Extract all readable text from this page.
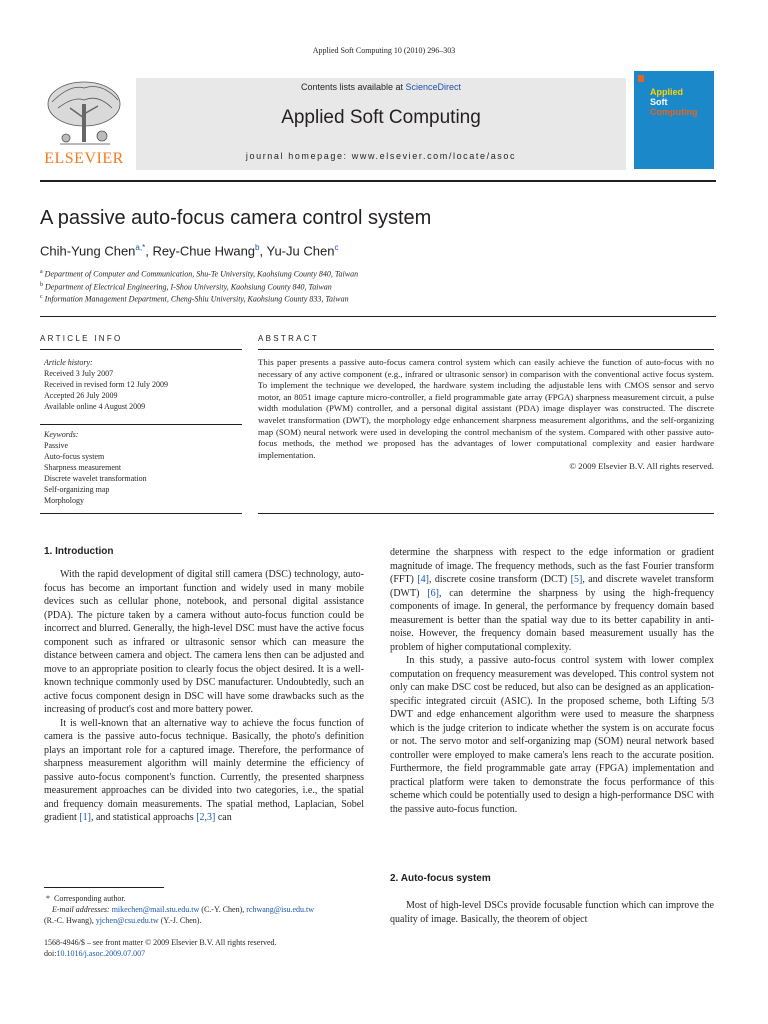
Applied Soft Computing 10 (2010) 296–303
ELSEVIER
Contents lists available at ScienceDirect
Applied Soft Computing
journal homepage: www.elsevier.com/locate/asoc
Applied
Soft
Computing
A passive auto-focus camera control system
Chih-Yung Chen$^{a,*}$, Rey-Chue Hwang$^b$, Yu-Ju Chen$^c$
$^a$ Department of Computer and Communication, Shu-Te University, Kaohsiung County 840, Taiwan
$^b$ Department of Electrical Engineering, I-Shou University, Kaohsiung County 840, Taiwan
$^c$ Information Management Department, Cheng-Shiu University, Kaohsiung County 833, Taiwan
ARTICLE INFO	ABSTRACT
Article history:
Received 3 July 2007
Received in revised form 12 July 2009
Accepted 26 July 2009
Available online 4 August 2009
Keywords:
Passive
Auto-focus system
Sharpness measurement
Discrete wavelet transformation
Self-organizing map
Morphology
This paper presents a passive auto-focus camera control system which can easily achieve the function of auto-focus with no necessary of any active component (e.g., infrared or ultrasonic sensor) in comparison with the conventional active focus system. To implement the technique we developed, the hardware system including the adjustable lens with CMOS sensor and servo motor, an 8051 image capture micro-controller, a field programmable gate array (FPGA) sharpness measurement circuit, a pulse width modulation (PWM) controller, and a personal digital assistant (PDA) image displayer was constructed. The discrete wavelet transformation (DWT), the morphology edge enhancement sharpness measurement algorithms, and the self-organizing map (SOM) neural network were used in developing the control mechanism of the system. Compared with other passive auto-focus methods, the method we proposed has the advantages of lower computational complexity and easier hardware implementation.
© 2009 Elsevier B.V. All rights reserved.
1. Introduction

With the rapid development of digital still camera (DSC) technology, auto-focus has become an important function and widely used in many mobile devices such as cellular phone, notebook, and personal digital assistance (PDA). The picture taken by a camera without auto-focus function could be incorrect and blurred. Generally, the high-level DSC must have the active focus component such as infrared or ultrasonic sensor which can measure the distance between camera and object. The camera lens then can be adjusted and move to an appropriate position to clearly focus the object desired. It is a well-known technique commonly used by DSC manufacturer. Undoubtedly, such an active focus component design in DSC will have some drawbacks such as the increasing of product's cost and more battery power.

It is well-known that an alternative way to achieve the focus function of camera is the passive auto-focus technique. Basically, the photo's definition plays an important role for a captured image. Therefore, the performance of sharpness measurement algorithm will mainly determine the efficiency of passive auto-focus component's function. Currently, the presented sharpness measurement approaches can be divided into two categories, i.e., the spatial and frequency domain measurements. The spatial method, Laplacian, Sobel gradient [1], and statistical approachs [2,3] can

determine the sharpness with respect to the edge information or gradient magnitude of image. The frequency methods, such as the fast Fourier transform (FFT) [4], discrete cosine transform (DCT) [5], and discrete wavelet transform (DWT) [6], can determine the sharpness by using the high-frequency components of image. In general, the performance by frequency domain based measurement is better than the spatial way due to its better capability in anti-noise. However, the frequency domain based measurement usually has the problem of higher computational complexity.

In this study, a passive auto-focus control system with lower complex computation on frequency measurement was developed. This control system not only can make DSC cost be reduced, but also can be designed as an application-specific integrated circuit (ASIC). In the proposed scheme, both Lifting 5/3 DWT and edge enhancement algorithm were used to measure the sharpness which is the judge criterion to indicate whether the system is on accurate focus or not. The servo motor and self-organizing map (SOM) neural network based controller were employed to make camera's lens reach to the accurate position. Furthermore, the field programmable gate array (FPGA) implementation and practical platform were taken to demonstrate the focus performance of this scheme which could be potentially used to design a high-performance DSC with the passive auto-focus function.

2. Auto-focus system

Most of high-level DSCs provide focusable function which can improve the quality of image. Basically, the theorem of object

*  Corresponding author.
E-mail addresses: mikechen@mail.stu.edu.tw (C.-Y. Chen), rchwang@isu.edu.tw
(R.-C. Hwang), yjchen@csu.edu.tw (Y.-J. Chen).
1568-4946/$ – see front matter © 2009 Elsevier B.V. All rights reserved.
doi:10.1016/j.asoc.2009.07.007
